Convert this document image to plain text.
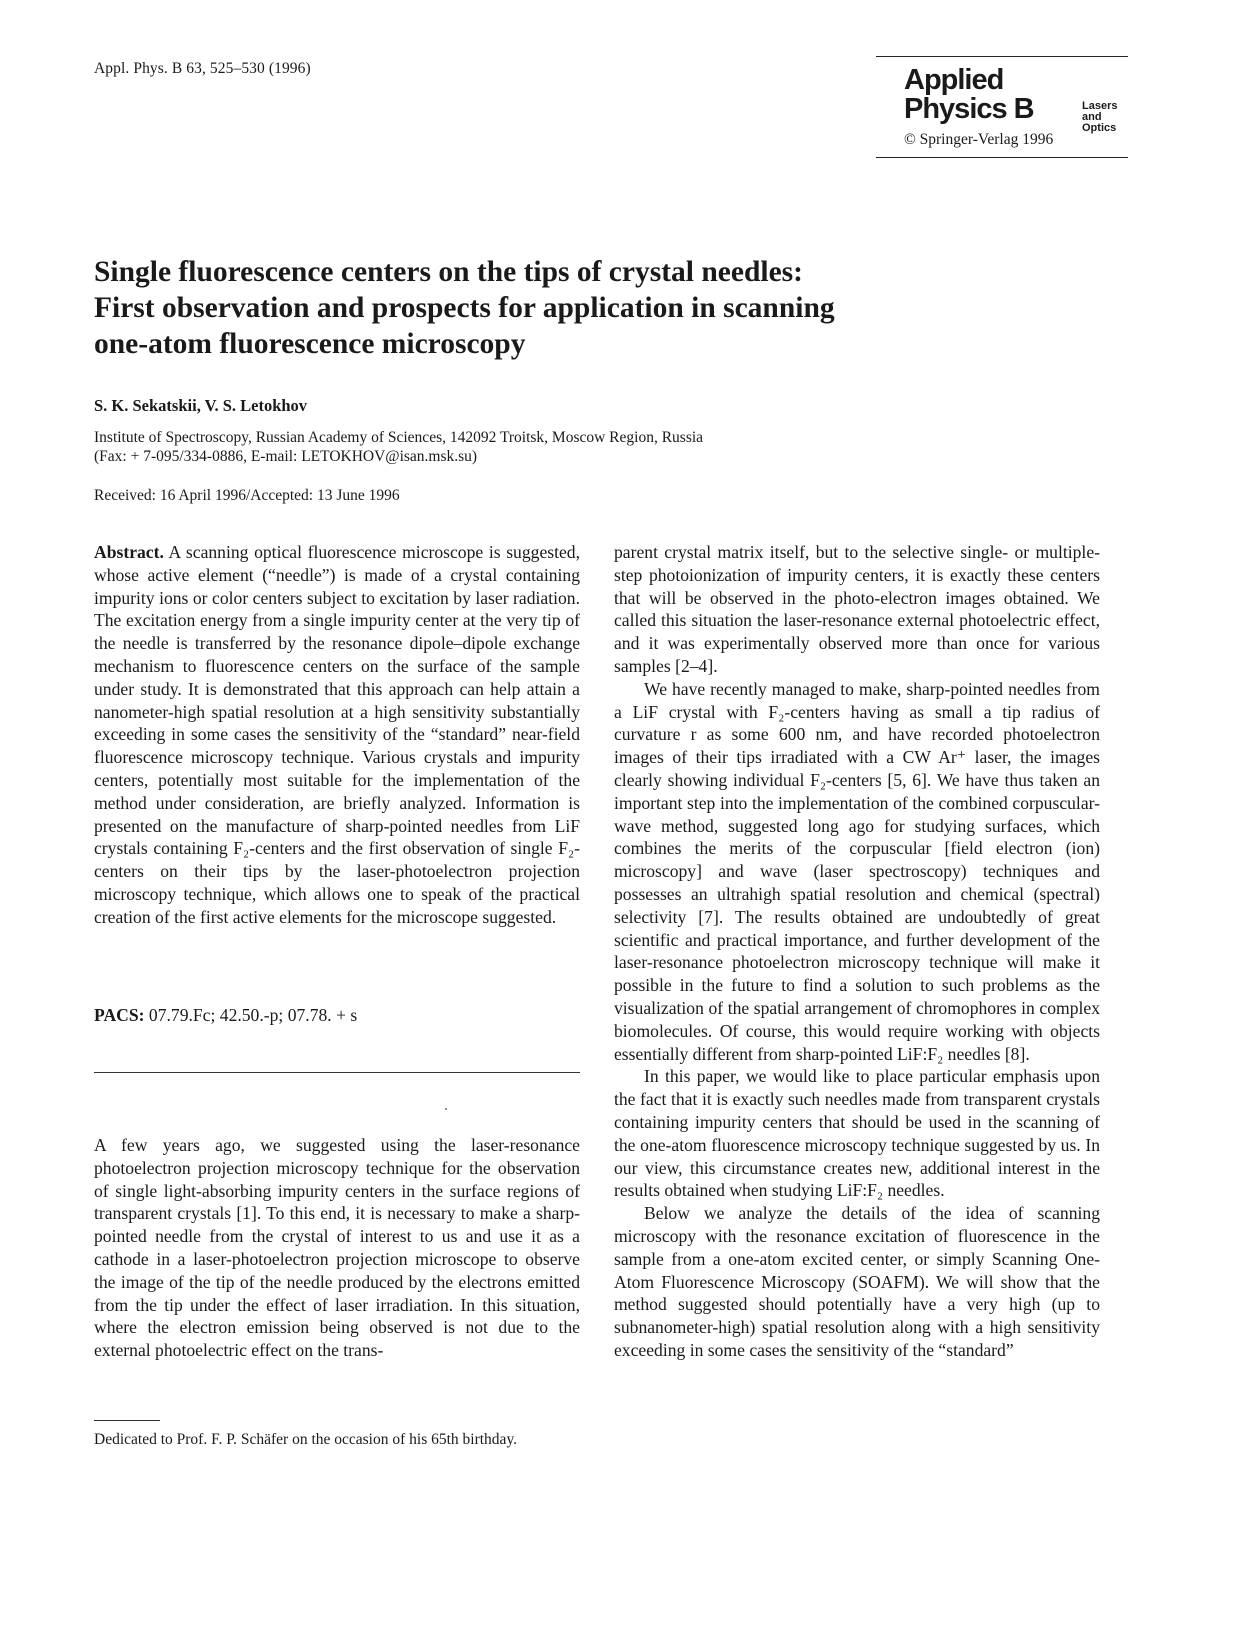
Appl. Phys. B 63, 525–530 (1996)	Applied
Physics B	Lasers
and Optics
© Springer-Verlag 1996
Single fluorescence centers on the tips of crystal needles:
First observation and prospects for application in scanning
one-atom fluorescence microscopy
S. K. Sekatskii, V. S. Letokhov
Institute of Spectroscopy, Russian Academy of Sciences, 142092 Troitsk, Moscow Region, Russia
(Fax: + 7-095/334-0886, E-mail: LETOKHOV@isan.msk.su)
Received: 16 April 1996/Accepted: 13 June 1996

Abstract. A scanning optical fluorescence microscope is suggested, whose active element (“needle”) is made of a crystal containing impurity ions or color centers subject to excitation by laser radiation. The excitation energy from a single impurity center at the very tip of the needle is transferred by the resonance dipole–dipole exchange mechanism to fluorescence centers on the surface of the sample under study. It is demonstrated that this approach can help attain a nanometer-high spatial resolution at a high sensitivity substantially exceeding in some cases the sensitivity of the “standard” near-field fluorescence microscopy technique. Various crystals and impurity centers, potentially most suitable for the implementation of the method under consideration, are briefly analyzed. Information is presented on the manufacture of sharp-pointed needles from LiF crystals containing F₂-centers and the first observation of single F₂-centers on their tips by the laser-photoelectron projection microscopy technique, which allows one to speak of the practical creation of the first active elements for the microscope suggested.

PACS: 07.79.Fc; 42.50.-p; 07.78. + s

A few years ago, we suggested using the laser-resonance photoelectron projection microscopy technique for the observation of single light-absorbing impurity centers in the surface regions of transparent crystals [1]. To this end, it is necessary to make a sharp-pointed needle from the crystal of interest to us and use it as a cathode in a laser-photoelectron projection microscope to observe the image of the tip of the needle produced by the electrons emitted from the tip under the effect of laser irradiation. In this situation, where the electron emission being observed is not due to the external photoelectric effect on the trans-

Dedicated to Prof. F. P. Schäfer on the occasion of his 65th birthday.

parent crystal matrix itself, but to the selective single- or multiple-step photoionization of impurity centers, it is exactly these centers that will be observed in the photo-electron images obtained. We called this situation the laser-resonance external photoelectric effect, and it was experimentally observed more than once for various samples [2–4].

We have recently managed to make, sharp-pointed needles from a LiF crystal with F₂-centers having as small a tip radius of curvature r as some 600 nm, and have recorded photoelectron images of their tips irradiated with a CW Ar⁺ laser, the images clearly showing individual F₂-centers [5, 6]. We have thus taken an important step into the implementation of the combined corpuscular-wave method, suggested long ago for studying surfaces, which combines the merits of the corpuscular [field electron (ion) microscopy] and wave (laser spectroscopy) techniques and possesses an ultrahigh spatial resolution and chemical (spectral) selectivity [7]. The results obtained are undoubtedly of great scientific and practical importance, and further development of the laser-resonance photoelectron microscopy technique will make it possible in the future to find a solution to such problems as the visualization of the spatial arrangement of chromophores in complex biomolecules. Of course, this would require working with objects essentially different from sharp-pointed LiF:F₂ needles [8].

In this paper, we would like to place particular emphasis upon the fact that it is exactly such needles made from transparent crystals containing impurity centers that should be used in the scanning of the one-atom fluorescence microscopy technique suggested by us. In our view, this circumstance creates new, additional interest in the results obtained when studying LiF:F₂ needles.

Below we analyze the details of the idea of scanning microscopy with the resonance excitation of fluorescence in the sample from a one-atom excited center, or simply Scanning One-Atom Fluorescence Microscopy (SOAFM). We will show that the method suggested should potentially have a very high (up to subnanometer-high) spatial resolution along with a high sensitivity exceeding in some cases the sensitivity of the “standard”
